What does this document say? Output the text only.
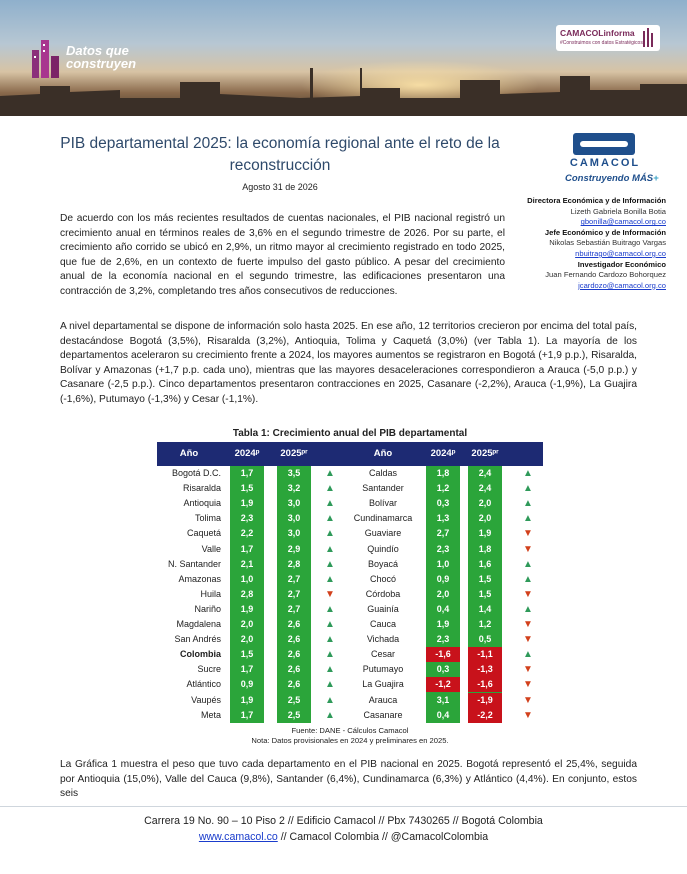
Datos que construyen
CAMACOLinforma
#Construimos con datos Estratégicos
PIB departamental 2025: la economía regional ante el reto de la reconstrucción
Agosto 31 de 2026
CAMACOL
Construyendo MÁS+
Directora Económica y de Información
Lizeth Gabriela Bonilla Botia
gbonilla@camacol.org.co
Jefe Económico y de Información
Nikolas Sebastián Buitrago Vargas
nbuitrago@camacol.org.co
Investigador Económico
Juan Fernando Cardozo Bohorquez
jcardozo@camacol.org.co
De acuerdo con los más recientes resultados de cuentas nacionales, el PIB nacional registró un crecimiento anual en términos reales de 3,6% en el segundo trimestre de 2026. Por su parte, el crecimiento año corrido se ubicó en 2,9%, un ritmo mayor al crecimiento registrado en todo 2025, que fue de 2,6%, en un contexto de fuerte impulso del gasto público. A pesar del crecimiento anual de la economía nacional en el segundo trimestre, las edificaciones presentaron una contracción de 3,2%, completando tres años consecutivos de reducciones.
A nivel departamental se dispone de información solo hasta 2025. En ese año, 12 territorios crecieron por encima del total país, destacándose Bogotá (3,5%), Risaralda (3,2%), Antioquia, Tolima y Caquetá (3,0%) (ver Tabla 1). La mayoría de los departamentos aceleraron su crecimiento frente a 2024, los mayores aumentos se registraron en Bogotá (+1,9 p.p.), Risaralda, Bolívar y Amazonas (+1,7 p.p. cada uno), mientras que las mayores desaceleraciones correspondieron a Arauca (-5,0 p.p.) y Casanare (-2,5 p.p.). Cinco departamentos presentaron contracciones en 2025, Casanare (-2,2%), Arauca (-1,9%), La Guajira (-1,6%), Putumayo (-1,3%) y Cesar (-1,1%).
Tabla 1: Crecimiento anual del PIB departamental
Año	2024ᵖ	2025ᵖʳ	Año	2024ᵖ	2025ᵖʳ
Bogotá D.C.	1,7	3,5	▲	Caldas	1,8	2,4	▲
Risaralda	1,5	3,2	▲	Santander	1,2	2,4	▲
Antioquia	1,9	3,0	▲	Bolívar	0,3	2,0	▲
Tolima	2,3	3,0	▲	Cundinamarca	1,3	2,0	▲
Caquetá	2,2	3,0	▲	Guaviare	2,7	1,9	▼
Valle	1,7	2,9	▲	Quindío	2,3	1,8	▼
N. Santander	2,1	2,8	▲	Boyacá	1,0	1,6	▲
Amazonas	1,0	2,7	▲	Chocó	0,9	1,5	▲
Huila	2,8	2,7	▼	Córdoba	2,0	1,5	▼
Nariño	1,9	2,7	▲	Guainía	0,4	1,4	▲
Magdalena	2,0	2,6	▲	Cauca	1,9	1,2	▼
San Andrés	2,0	2,6	▲	Vichada	2,3	0,5	▼
Colombia	1,5	2,6	▲	Cesar	-1,6	-1,1	▲
Sucre	1,7	2,6	▲	Putumayo	0,3	-1,3	▼
Atlántico	0,9	2,6	▲	La Guajira	-1,2	-1,6	▼
Vaupés	1,9	2,5	▲	Arauca	3,1	-1,9	▼
Meta	1,7	2,5	▲	Casanare	0,4	-2,2	▼
Fuente: DANE - Cálculos Camacol
Nota: Datos provisionales en 2024 y preliminares en 2025.
La Gráfica 1 muestra el peso que tuvo cada departamento en el PIB nacional en 2025. Bogotá representó el 25,4%, seguida por Antioquia (15,0%), Valle del Cauca (9,8%), Santander (6,4%), Cundinamarca (6,3%) y Atlántico (4,4%). En conjunto, estos seis
Carrera 19 No. 90 – 10 Piso 2 // Edificio Camacol // Pbx 7430265 // Bogotá Colombia
www.camacol.co // Camacol Colombia // @CamacolColombia
